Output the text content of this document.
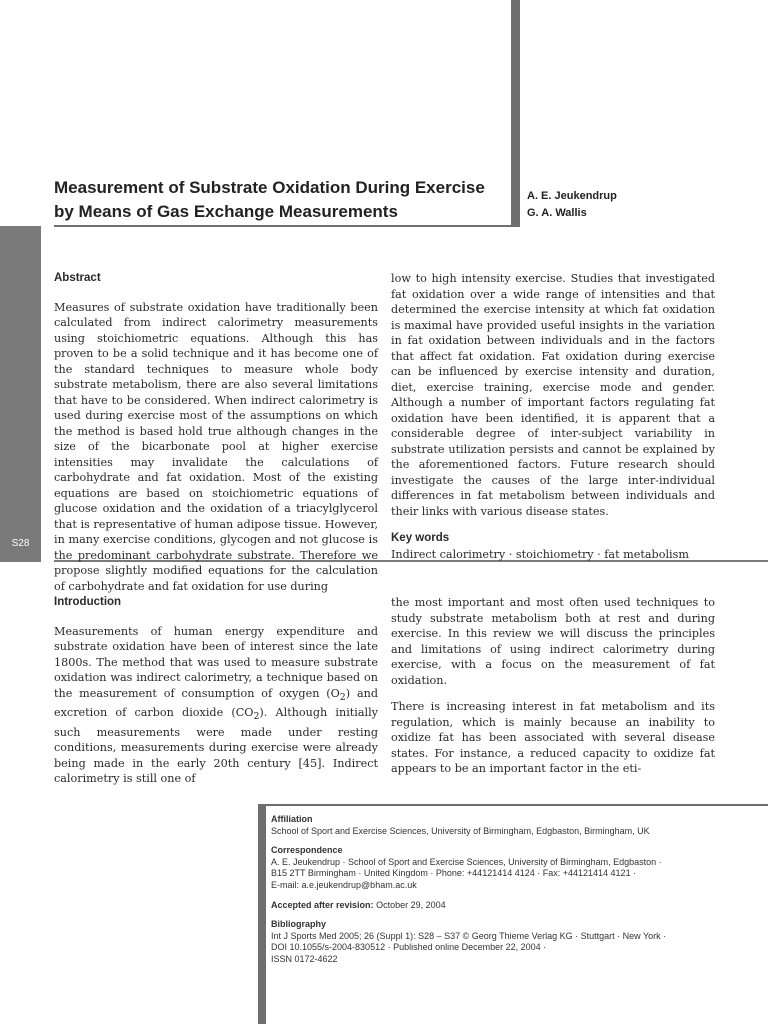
S28
Measurement of Substrate Oxidation During Exercise
by Means of Gas Exchange Measurements
A. E. Jeukendrup
G. A. Wallis
Abstract

Measures of substrate oxidation have traditionally been calculated from indirect calorimetry measurements using stoichiometric equations. Although this has proven to be a solid technique and it has become one of the standard techniques to measure whole body substrate metabolism, there are also several limitations that have to be considered. When indirect calorimetry is used during exercise most of the assumptions on which the method is based hold true although changes in the size of the bicarbonate pool at higher exercise intensities may invalidate the calculations of carbohydrate and fat oxidation. Most of the existing equations are based on stoichiometric equations of glucose oxidation and the oxidation of a triacylglycerol that is representative of human adipose tissue. However, in many exercise conditions, glycogen and not glucose is the predominant carbohydrate substrate. Therefore we propose slightly modified equations for the calculation of carbohydrate and fat oxidation for use during

low to high intensity exercise. Studies that investigated fat oxidation over a wide range of intensities and that determined the exercise intensity at which fat oxidation is maximal have provided useful insights in the variation in fat oxidation between individuals and in the factors that affect fat oxidation. Fat oxidation during exercise can be influenced by exercise intensity and duration, diet, exercise training, exercise mode and gender. Although a number of important factors regulating fat oxidation have been identified, it is apparent that a considerable degree of inter-subject variability in substrate utilization persists and cannot be explained by the aforementioned factors. Future research should investigate the causes of the large inter-individual differences in fat metabolism between individuals and their links with various disease states.

Key words

Indirect calorimetry · stoichiometry · fat metabolism

Introduction

Measurements of human energy expenditure and substrate oxidation have been of interest since the late 1800s. The method that was used to measure substrate oxidation was indirect calorimetry, a technique based on the measurement of consumption of oxygen $(O_2)$ and excretion of carbon dioxide $(CO_2)$. Although initially such measurements were made under resting conditions, measurements during exercise were already being made in the early 20th century [45]. Indirect calorimetry is still one of

the most important and most often used techniques to study substrate metabolism both at rest and during exercise. In this review we will discuss the principles and limitations of using indirect calorimetry during exercise, with a focus on the measurement of fat oxidation.

There is increasing interest in fat metabolism and its regulation, which is mainly because an inability to oxidize fat has been associated with several disease states. For instance, a reduced capacity to oxidize fat appears to be an important factor in the eti-

Affiliation
School of Sport and Exercise Sciences, University of Birmingham, Edgbaston, Birmingham, UK
Correspondence
A. E. Jeukendrup · School of Sport and Exercise Sciences, University of Birmingham, Edgbaston ·
B15 2TT Birmingham · United Kingdom · Phone: +44121414 4124 · Fax: +44121414 4121 ·
E-mail: a.e.jeukendrup@bham.ac.uk
Accepted after revision: October 29, 2004
Bibliography
Int J Sports Med 2005; 26 (Suppl 1): S28 – S37 © Georg Thieme Verlag KG · Stuttgart · New York ·
DOI 10.1055/s-2004-830512 · Published online December 22, 2004 ·
ISSN 0172-4622
